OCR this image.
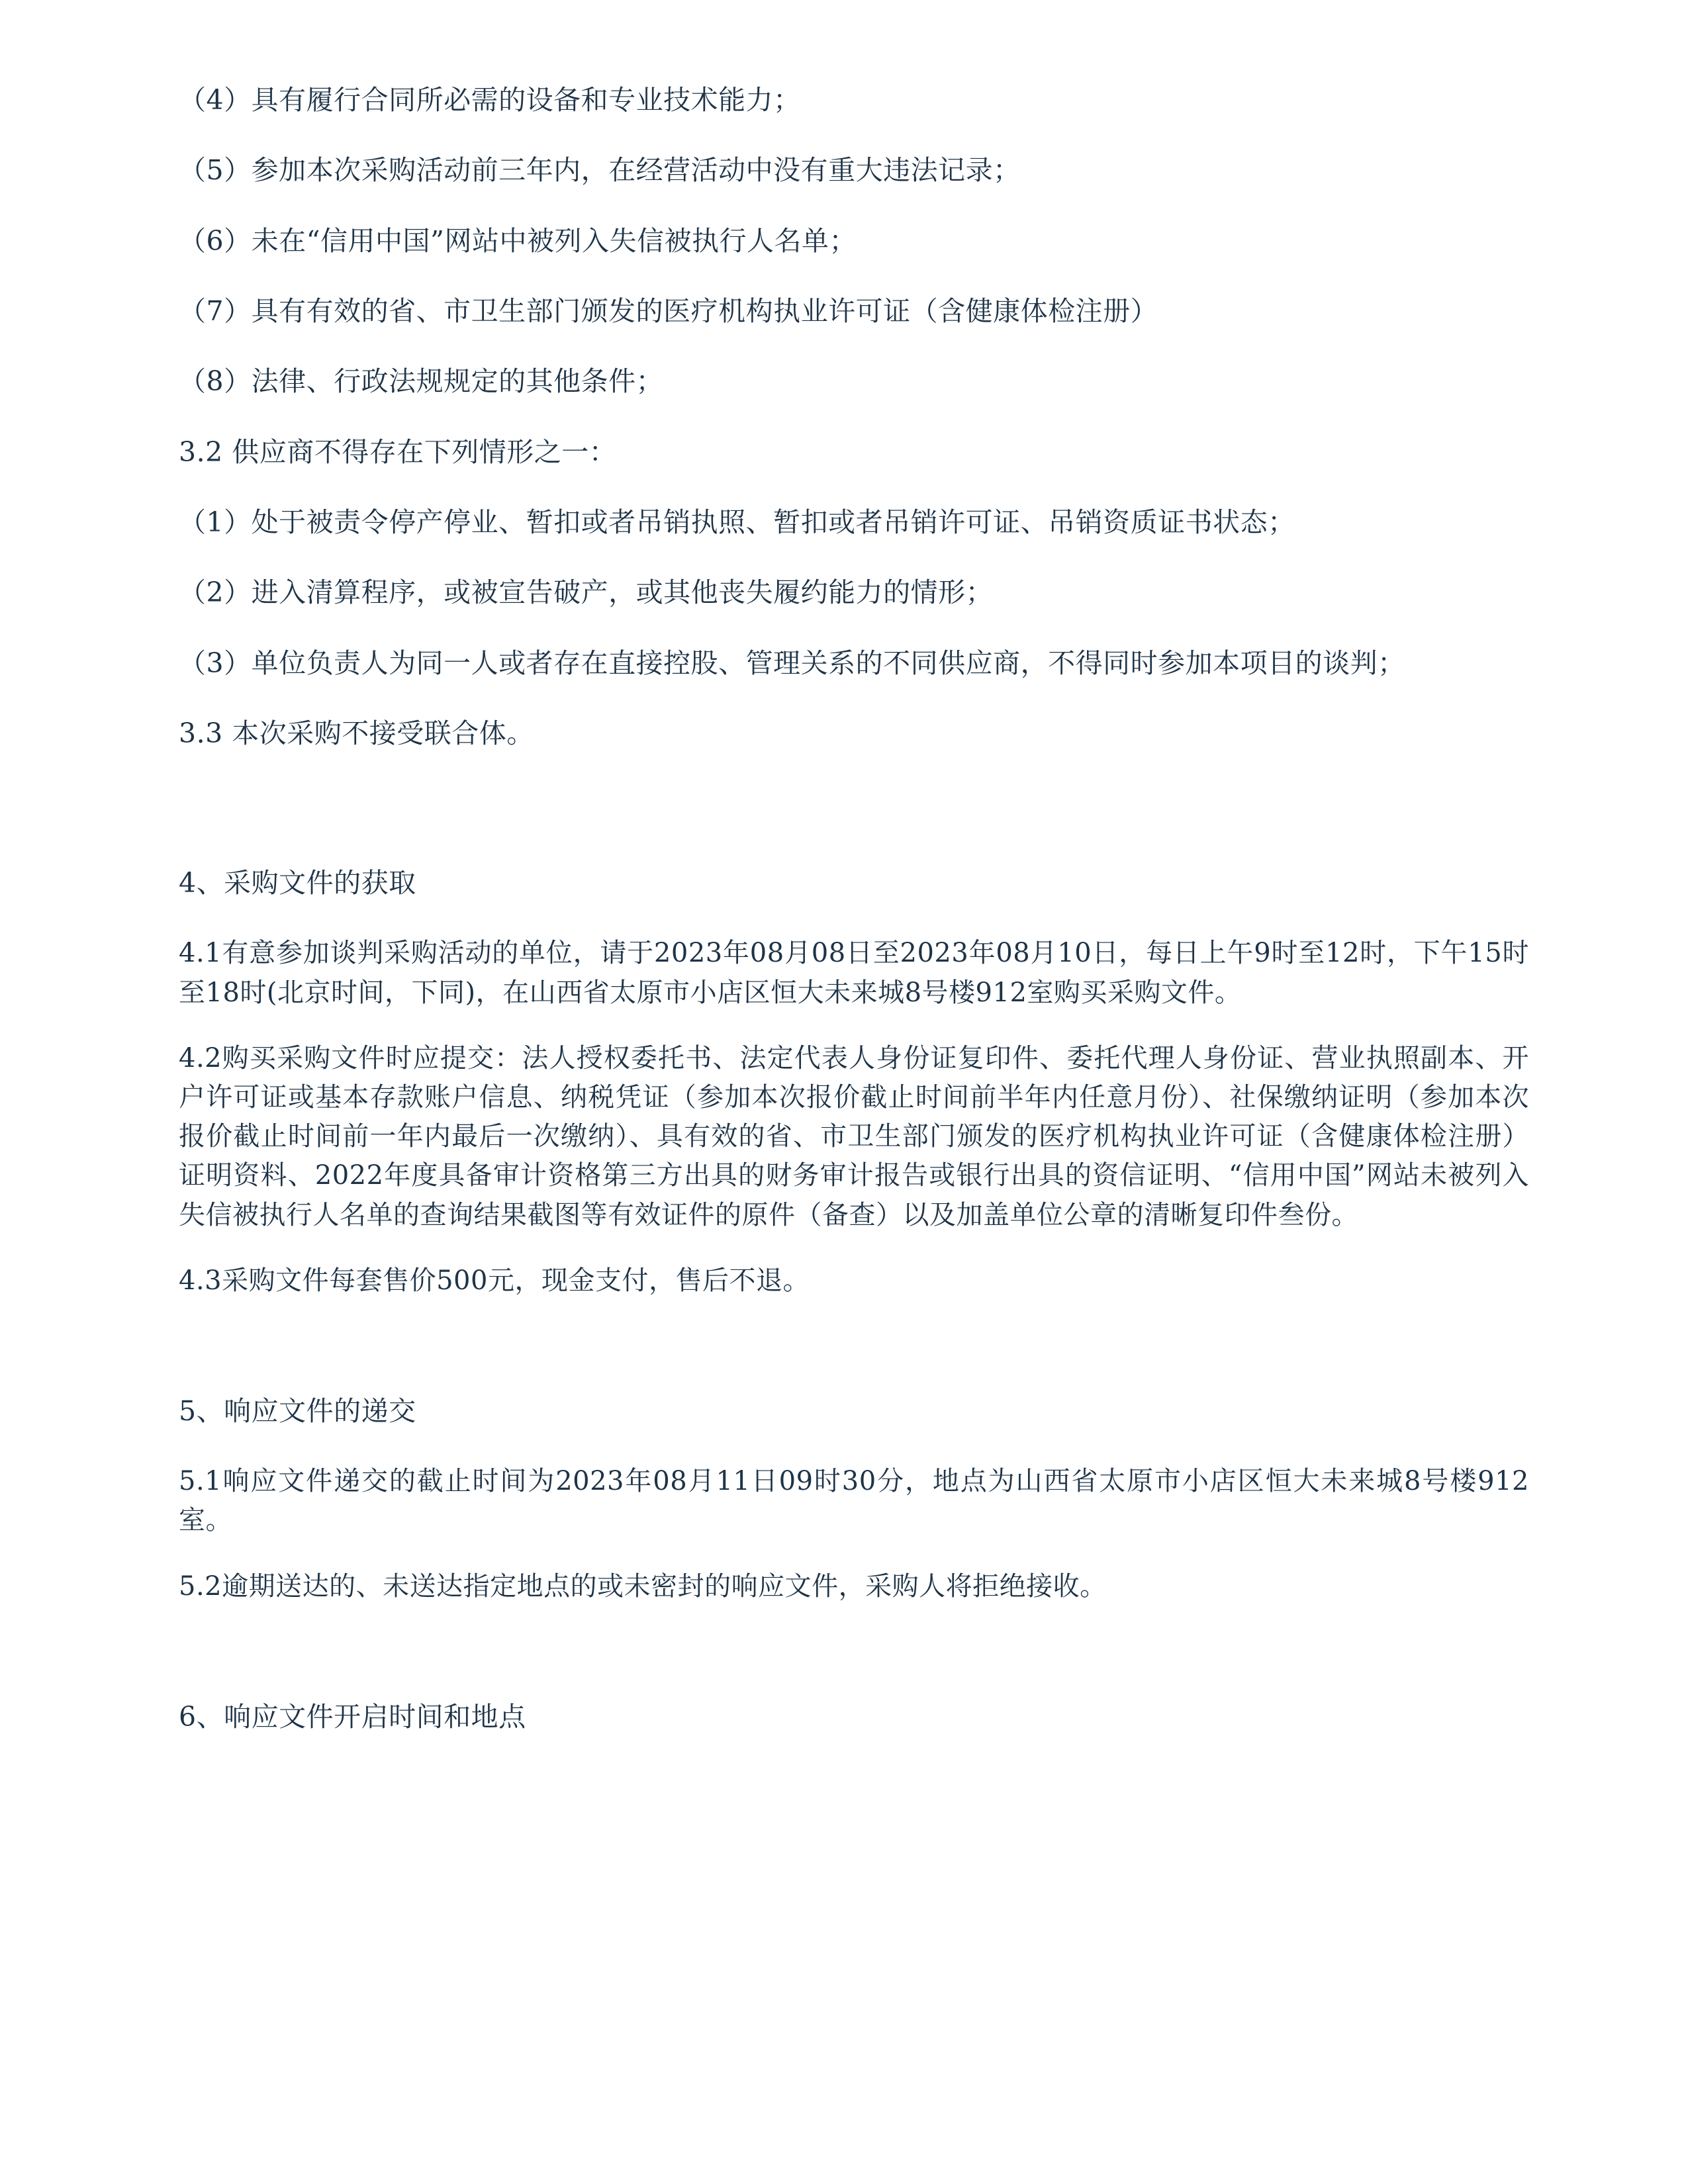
（4）具有履行合同所必需的设备和专业技术能力；

（5）参加本次采购活动前三年内，在经营活动中没有重大违法记录；

（6）未在“信用中国”网站中被列入失信被执行人名单；

（7）具有有效的省、市卫生部门颁发的医疗机构执业许可证（含健康体检注册）

（8）法律、行政法规规定的其他条件；

3.2 供应商不得存在下列情形之一：

（1）处于被责令停产停业、暂扣或者吊销执照、暂扣或者吊销许可证、吊销资质证书状态；

（2）进入清算程序，或被宣告破产，或其他丧失履约能力的情形；

（3）单位负责人为同一人或者存在直接控股、管理关系的不同供应商，不得同时参加本项目的谈判；

3.3 本次采购不接受联合体。

4、采购文件的获取

4.1有意参加谈判采购活动的单位，请于2023年08月08日至2023年08月10日，每日上午9时至12时，下午15时至18时(北京时间，下同)，在山西省太原市小店区恒大未来城8号楼912室购买采购文件。

4.2购买采购文件时应提交：法人授权委托书、法定代表人身份证复印件、委托代理人身份证、营业执照副本、开户许可证或基本存款账户信息、纳税凭证（参加本次报价截止时间前半年内任意月份）、社保缴纳证明（参加本次报价截止时间前一年内最后一次缴纳）、具有效的省、市卫生部门颁发的医疗机构执业许可证（含健康体检注册）证明资料、2022年度具备审计资格第三方出具的财务审计报告或银行出具的资信证明、“信用中国”网站未被列入失信被执行人名单的查询结果截图等有效证件的原件（备查）以及加盖单位公章的清晰复印件叁份。

4.3采购文件每套售价500元，现金支付，售后不退。

5、响应文件的递交

5.1响应文件递交的截止时间为2023年08月11日09时30分，地点为山西省太原市小店区恒大未来城8号楼912室。

5.2逾期送达的、未送达指定地点的或未密封的响应文件，采购人将拒绝接收。

6、响应文件开启时间和地点
